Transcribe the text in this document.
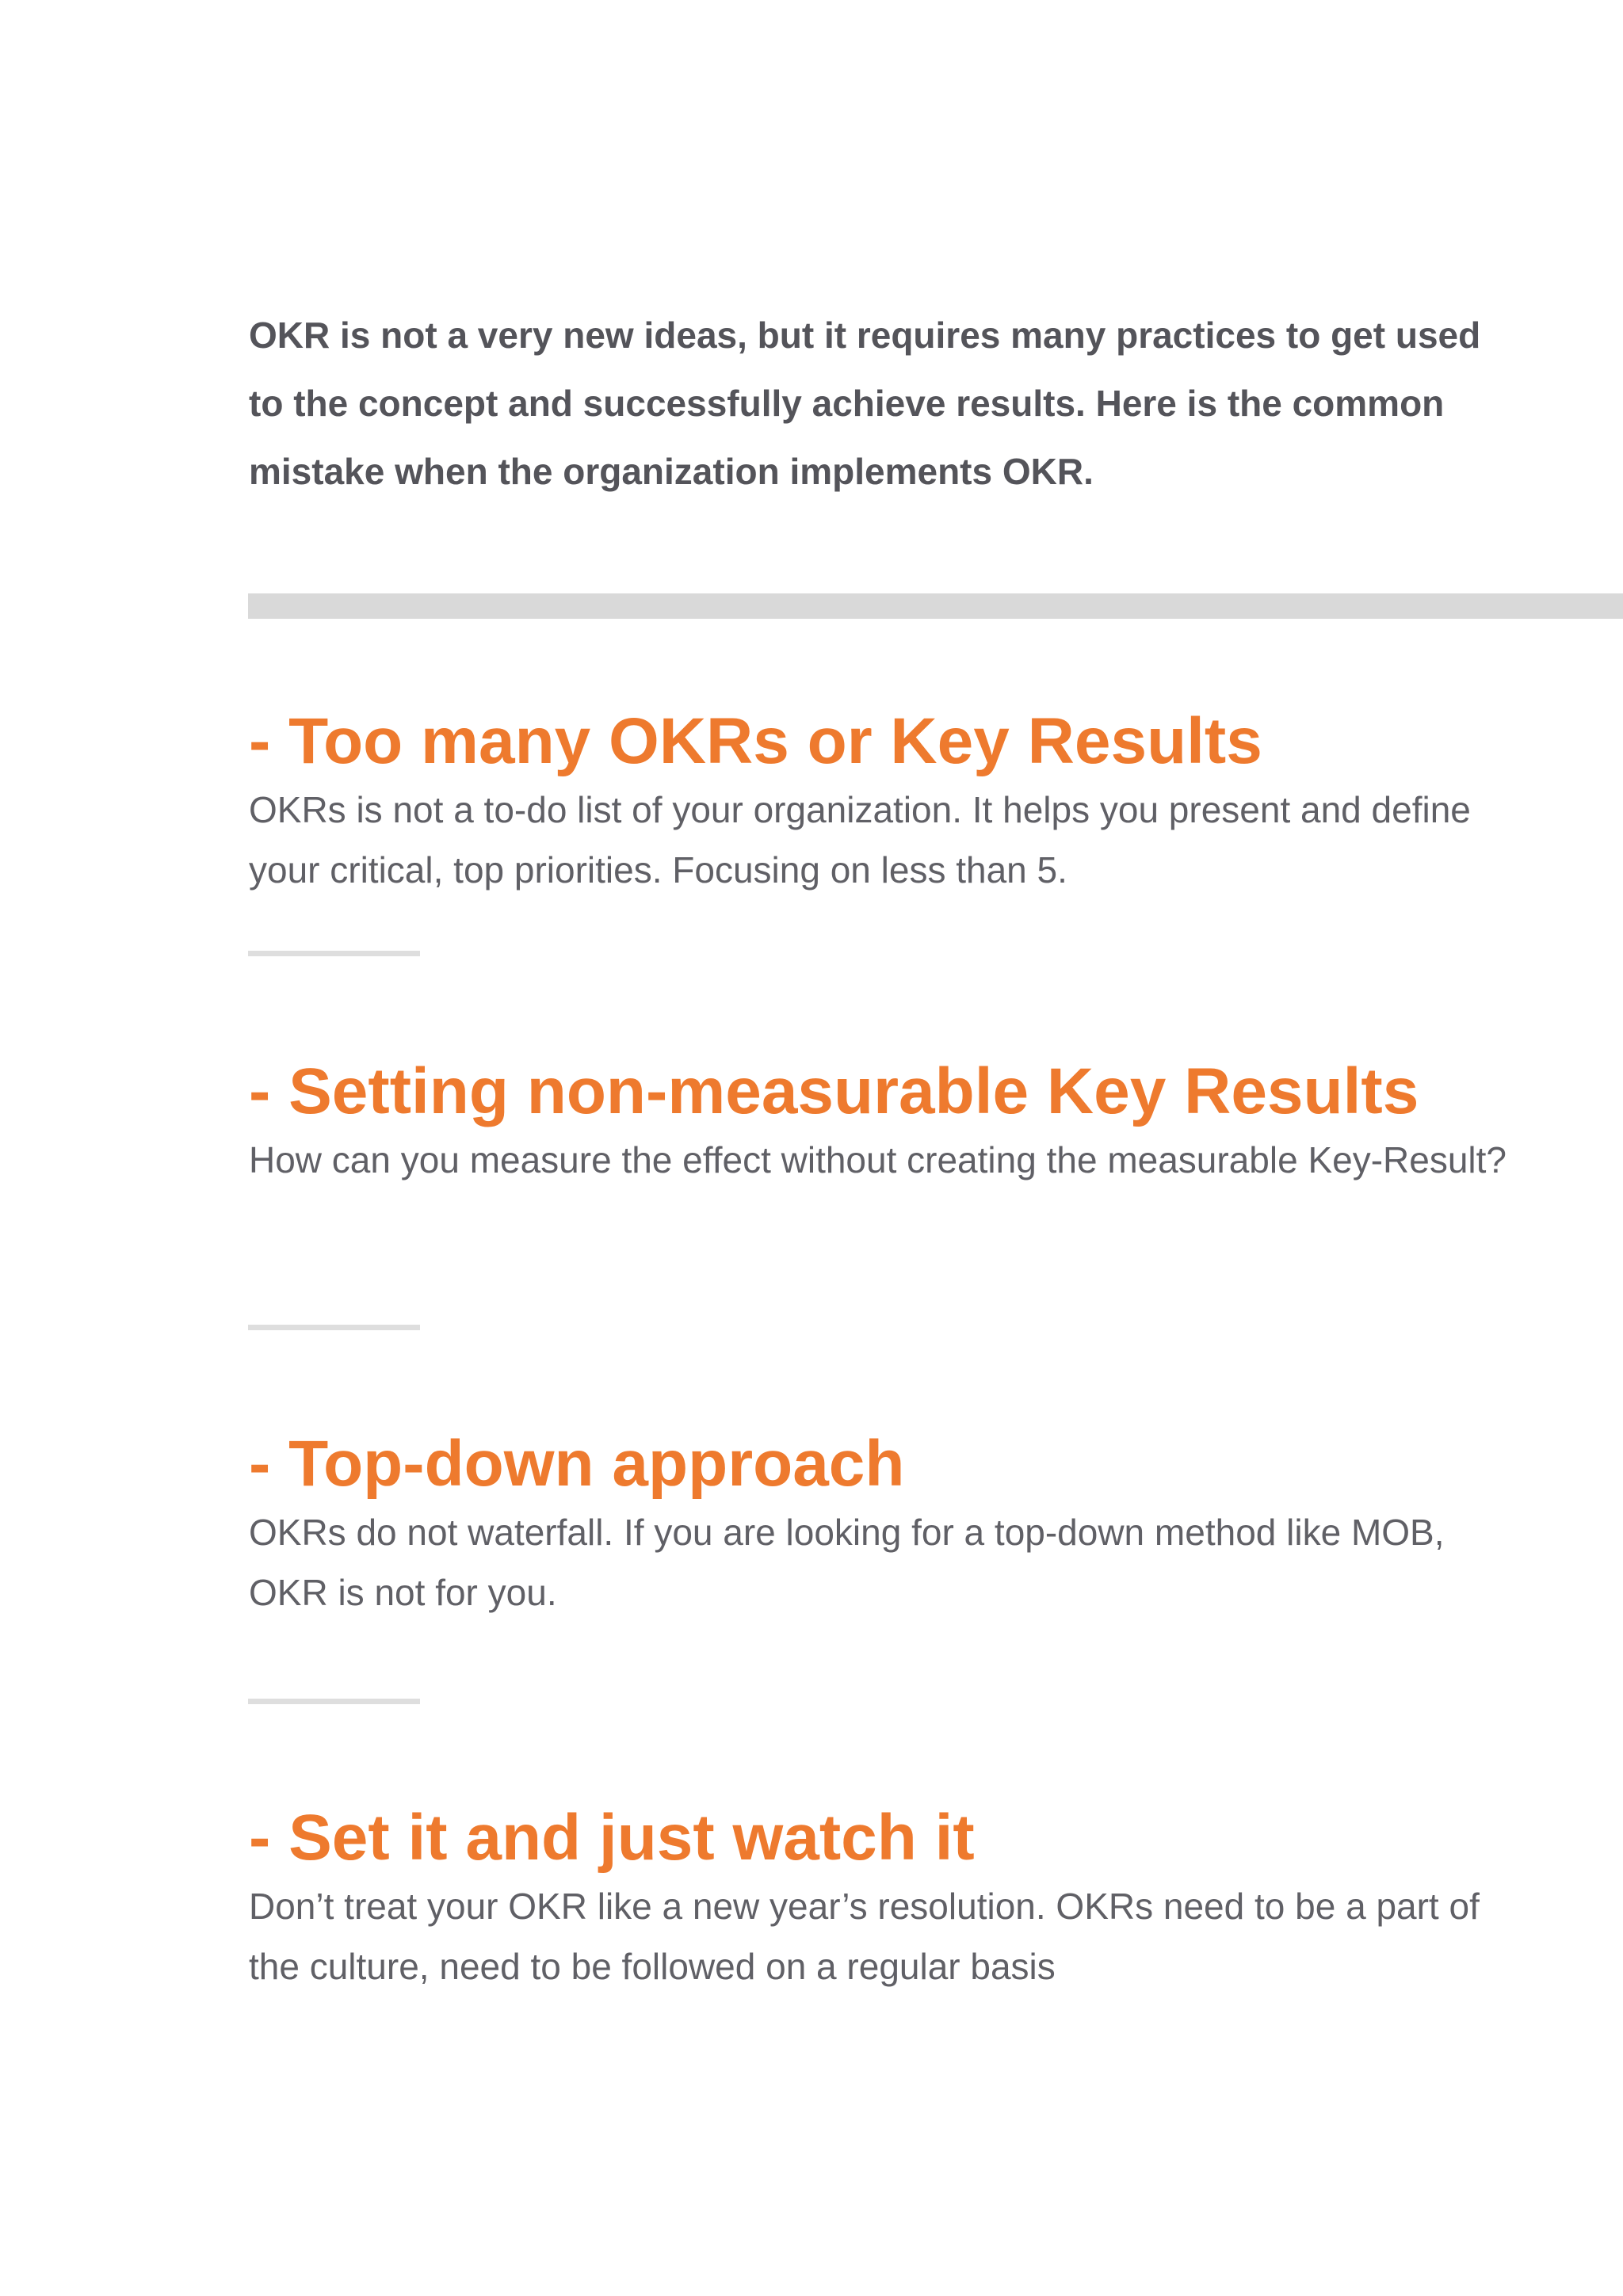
OKR is not a very new ideas, but it requires many practices to get used to the concept and successfully achieve results. Here is the common mistake when the organization implements OKR.

- Too many OKRs or Key Results

OKRs is not a to-do list of your organization. It helps you present and define your critical, top priorities. Focusing on less than 5.

- Setting non-measurable Key Results

How can you measure the effect without creating the measurable Key-Result?

- Top-down approach

OKRs do not waterfall. If you are looking for a top-down method like MOB, OKR is not for you.

- Set it and just watch it

Don’t treat your OKR like a new year’s resolution. OKRs need to be a part of the culture, need to be followed on a regular basis
